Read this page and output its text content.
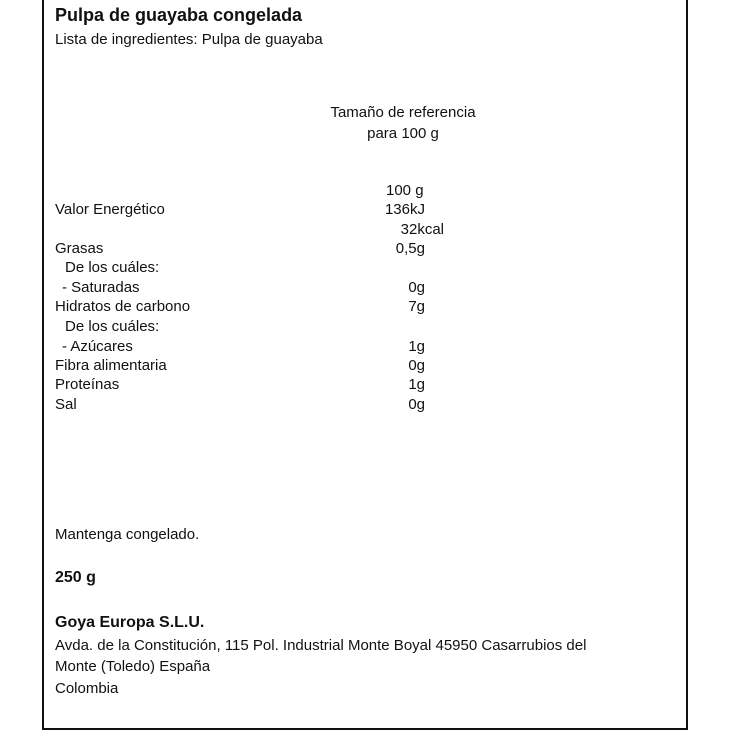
Pulpa de guayaba congelada
Lista de ingredientes: Pulpa de guayaba
Tamaño de referencia
para 100 g
100 g
Valor Energético	136kJ
32kcal
Grasas	0,5g
De los cuáles:
- Saturadas	0g
Hidratos de carbono	7g
De los cuáles:
- Azúcares	1g
Fibra alimentaria	0g
Proteínas	1g
Sal	0g
Mantenga congelado.
250 g
Goya Europa S.L.U.
Avda. de la Constitución, 115 Pol. Industrial Monte Boyal 45950 Casarrubios del
Monte (Toledo) España
Colombia
